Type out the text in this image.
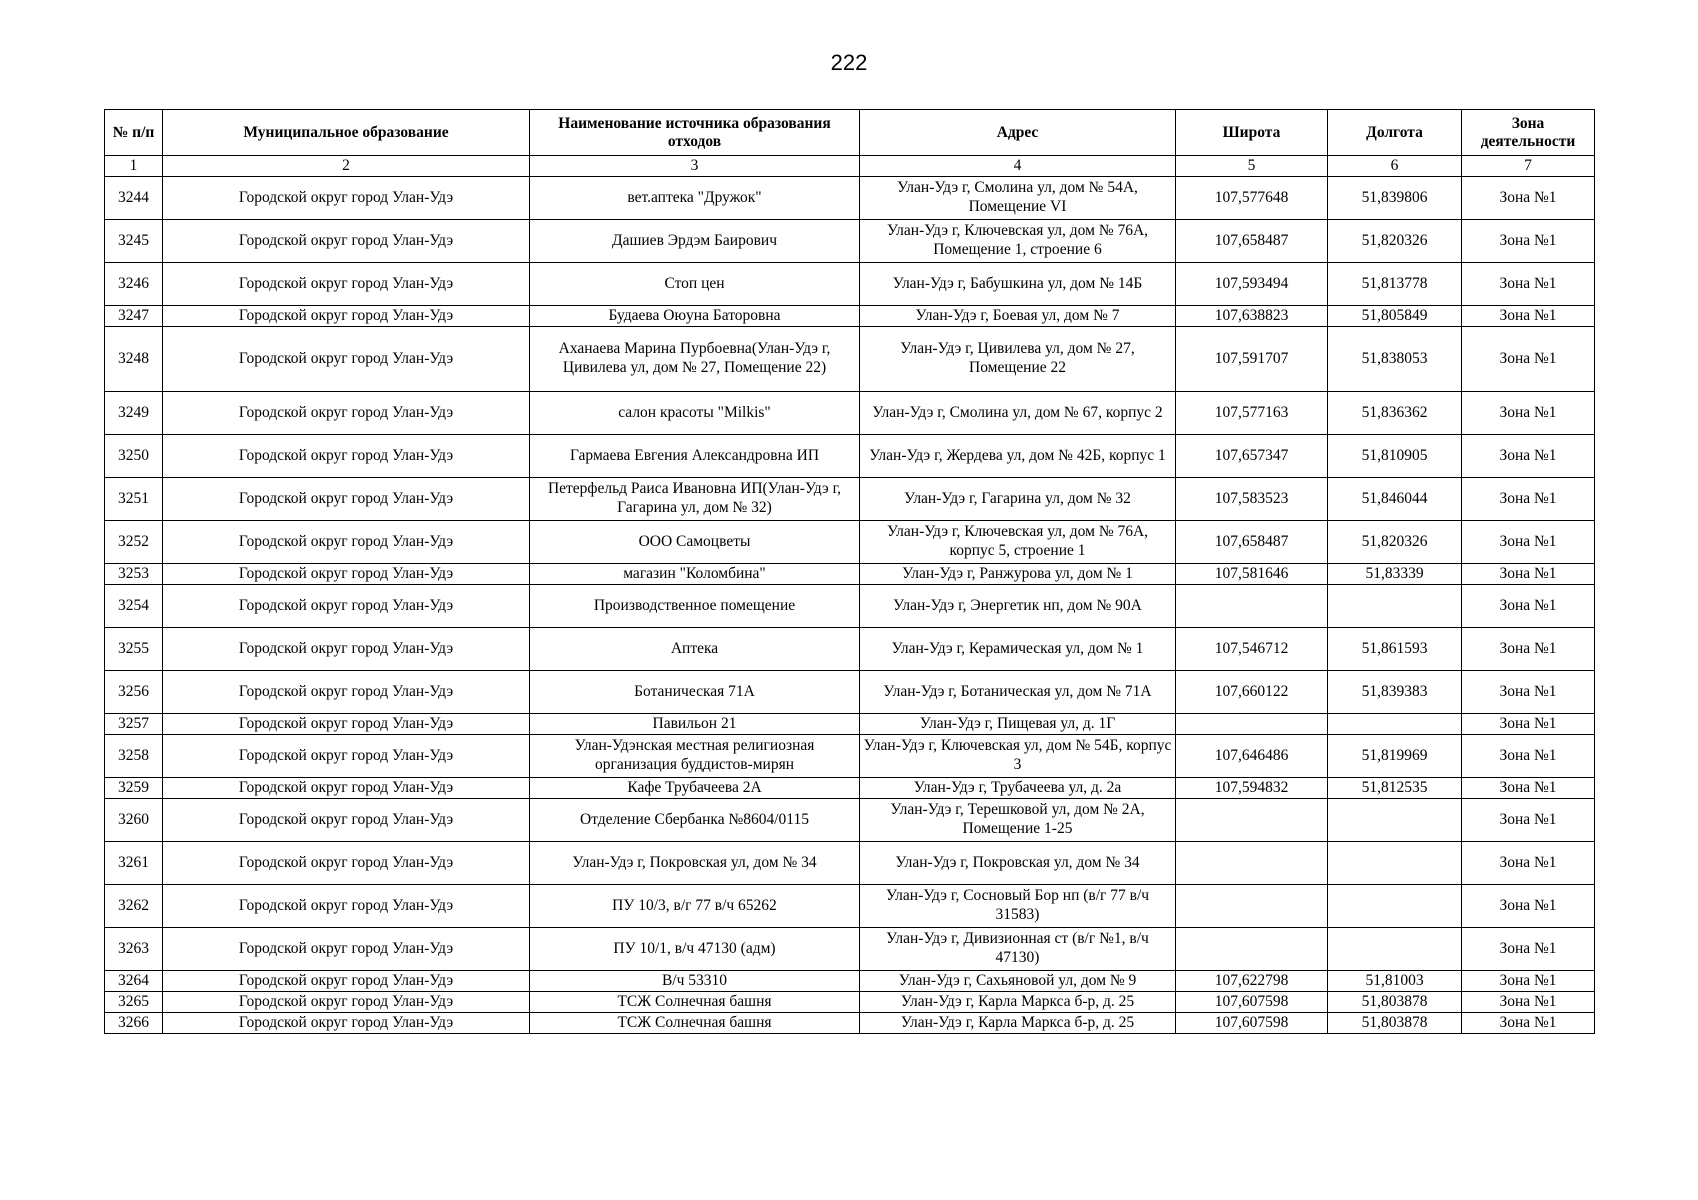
222
№ п/п	Муниципальное образование	Наименование источника образования отходов	Адрес	Широта	Долгота	Зона деятельности
1	2	3	4	5	6	7
3244	Городской округ город Улан-Удэ	вет.аптека "Дружок"	Улан-Удэ г, Смолина ул, дом № 54А, Помещение VI	107,577648	51,839806	Зона №1
3245	Городской округ город Улан-Удэ	Дашиев Эрдэм Баирович	Улан-Удэ г, Ключевская ул, дом № 76А, Помещение 1, строение 6	107,658487	51,820326	Зона №1
3246	Городской округ город Улан-Удэ	Стоп цен	Улан-Удэ г, Бабушкина ул, дом № 14Б	107,593494	51,813778	Зона №1
3247	Городской округ город Улан-Удэ	Будаева Оюуна Баторовна	Улан-Удэ г, Боевая ул, дом № 7	107,638823	51,805849	Зона №1
3248	Городской округ город Улан-Удэ	Аханаева Марина Пурбоевна(Улан-Удэ г, Цивилева ул, дом № 27, Помещение 22)	Улан-Удэ г, Цивилева ул, дом № 27, Помещение 22	107,591707	51,838053	Зона №1
3249	Городской округ город Улан-Удэ	салон красоты "Milkis"	Улан-Удэ г, Смолина ул, дом № 67, корпус 2	107,577163	51,836362	Зона №1
3250	Городской округ город Улан-Удэ	Гармаева Евгения Александровна ИП	Улан-Удэ г, Жердева ул, дом № 42Б, корпус 1	107,657347	51,810905	Зона №1
3251	Городской округ город Улан-Удэ	Петерфельд Раиса Ивановна ИП(Улан-Удэ г, Гагарина ул, дом № 32)	Улан-Удэ г, Гагарина ул, дом № 32	107,583523	51,846044	Зона №1
3252	Городской округ город Улан-Удэ	ООО Самоцветы	Улан-Удэ г, Ключевская ул, дом № 76А, корпус 5, строение 1	107,658487	51,820326	Зона №1
3253	Городской округ город Улан-Удэ	магазин "Коломбина"	Улан-Удэ г, Ранжурова ул, дом № 1	107,581646	51,83339	Зона №1
3254	Городской округ город Улан-Удэ	Производственное помещение	Улан-Удэ г, Энергетик нп, дом № 90А			Зона №1
3255	Городской округ город Улан-Удэ	Аптека	Улан-Удэ г, Керамическая ул, дом № 1	107,546712	51,861593	Зона №1
3256	Городской округ город Улан-Удэ	Ботаническая 71А	Улан-Удэ г, Ботаническая ул, дом № 71А	107,660122	51,839383	Зона №1
3257	Городской округ город Улан-Удэ	Павильон 21	Улан-Удэ г, Пищевая ул, д. 1Г			Зона №1
3258	Городской округ город Улан-Удэ	Улан-Удэнская местная религиозная организация буддистов-мирян	Улан-Удэ г, Ключевская ул, дом № 54Б, корпус 3	107,646486	51,819969	Зона №1
3259	Городской округ город Улан-Удэ	Кафе Трубачеева 2А	Улан-Удэ г, Трубачеева ул, д. 2а	107,594832	51,812535	Зона №1
3260	Городской округ город Улан-Удэ	Отделение Сбербанка №8604/0115	Улан-Удэ г, Терешковой ул, дом № 2А, Помещение 1-25			Зона №1
3261	Городской округ город Улан-Удэ	Улан-Удэ г, Покровская ул, дом № 34	Улан-Удэ г, Покровская ул, дом № 34			Зона №1
3262	Городской округ город Улан-Удэ	ПУ 10/3, в/г 77 в/ч 65262	Улан-Удэ г, Сосновый Бор нп (в/г 77 в/ч 31583)			Зона №1
3263	Городской округ город Улан-Удэ	ПУ 10/1, в/ч 47130 (адм)	Улан-Удэ г, Дивизионная ст (в/г №1, в/ч 47130)			Зона №1
3264	Городской округ город Улан-Удэ	В/ч 53310	Улан-Удэ г, Сахьяновой ул, дом № 9	107,622798	51,81003	Зона №1
3265	Городской округ город Улан-Удэ	ТСЖ Солнечная башня	Улан-Удэ г, Карла Маркса б-р, д. 25	107,607598	51,803878	Зона №1
3266	Городской округ город Улан-Удэ	ТСЖ Солнечная башня	Улан-Удэ г, Карла Маркса б-р, д. 25	107,607598	51,803878	Зона №1
